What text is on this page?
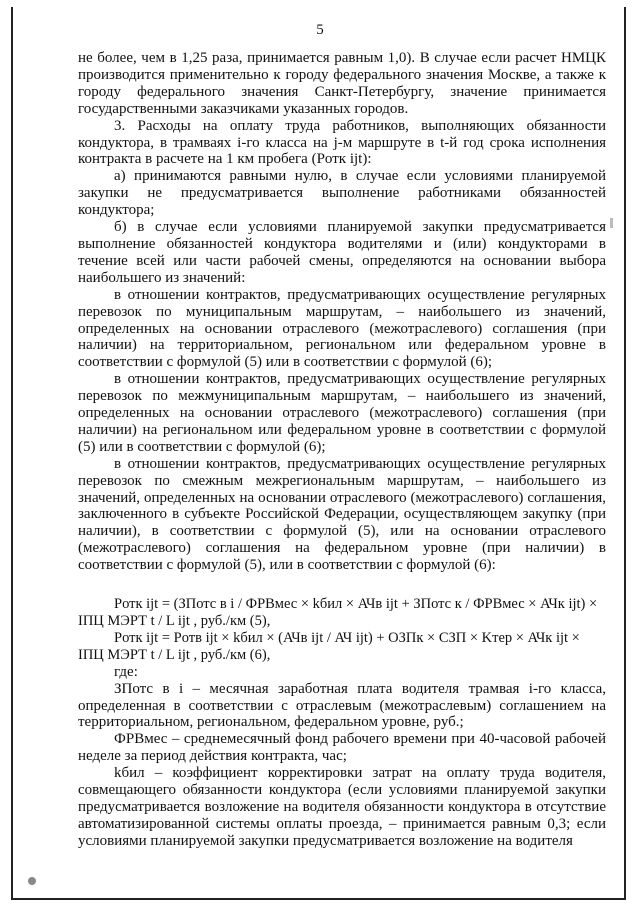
5

не более, чем в 1,25 раза, принимается равным 1,0). В случае если расчет НМЦК производится применительно к городу федерального значения Москве, а также к городу федерального значения Санкт-Петербургу, значение принимается государственными заказчиками указанных городов.

3. Расходы на оплату труда работников, выполняющих обязанности кондуктора, в трамваях i-го класса на j-м маршруте в t-й год срока исполнения контракта в расчете на 1 км пробега (Pотк ijt):

а) принимаются равными нулю, в случае если условиями планируемой закупки не предусматривается выполнение работниками обязанностей кондуктора;

б) в случае если условиями планируемой закупки предусматривается выполнение обязанностей кондуктора водителями и (или) кондукторами в течение всей или части рабочей смены, определяются на основании выбора наибольшего из значений:

в отношении контрактов, предусматривающих осуществление регулярных перевозок по муниципальным маршрутам, – наибольшего из значений, определенных на основании отраслевого (межотраслевого) соглашения (при наличии) на территориальном, региональном или федеральном уровне в соответствии с формулой (5) или в соответствии с формулой (6);

в отношении контрактов, предусматривающих осуществление регулярных перевозок по межмуниципальным маршрутам, – наибольшего из значений, определенных на основании отраслевого (межотраслевого) соглашения (при наличии) на региональном или федеральном уровне в соответствии с формулой (5) или в соответствии с формулой (6);

в отношении контрактов, предусматривающих осуществление регулярных перевозок по смежным межрегиональным маршрутам, – наибольшего из значений, определенных на основании отраслевого (межотраслевого) соглашения, заключенного в субъекте Российской Федерации, осуществляющем закупку (при наличии), в соответствии с формулой (5), или на основании отраслевого (межотраслевого) соглашения на федеральном уровне (при наличии) в соответствии с формулой (5), или в соответствии с формулой (6):

Pотк ijt = (ЗПотс в i / ФРВмес × kбил × АЧв ijt + ЗПотс к / ФРВмес × АЧк ijt) × IПЦ МЭРТ t / L ijt , руб./км (5),

Pотк ijt = Pотв ijt × kбил × (АЧв ijt / АЧ ijt) + ОЗПк × СЗП × Kтер × АЧк ijt × IПЦ МЭРТ t / L ijt , руб./км (6),

где:

ЗПотс в i – месячная заработная плата водителя трамвая i-го класса, определенная в соответствии с отраслевым (межотраслевым) соглашением на территориальном, региональном, федеральном уровне, руб.;

ФРВмес – среднемесячный фонд рабочего времени при 40-часовой рабочей неделе за период действия контракта, час;

kбил – коэффициент корректировки затрат на оплату труда водителя, совмещающего обязанности кондуктора (если условиями планируемой закупки предусматривается возложение на водителя обязанности кондуктора в отсутствие автоматизированной системы оплаты проезда, – принимается равным 0,3; если условиями планируемой закупки предусматривается возложение на водителя
